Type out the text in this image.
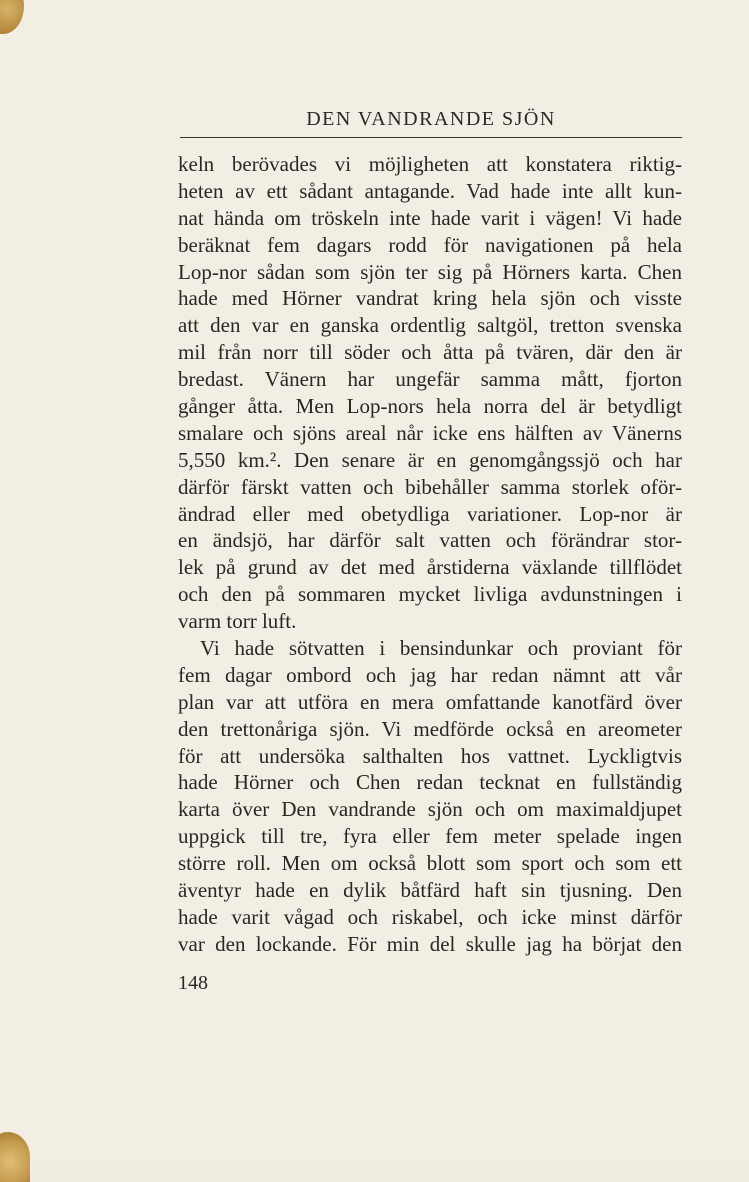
DEN VANDRANDE SJÖN
keln berövades vi möjligheten att konstatera riktig-
heten av ett sådant antagande. Vad hade inte allt kun-
nat hända om tröskeln inte hade varit i vägen! Vi hade
beräknat fem dagars rodd för navigationen på hela
Lop-nor sådan som sjön ter sig på Hörners karta. Chen
hade med Hörner vandrat kring hela sjön och visste
att den var en ganska ordentlig saltgöl, tretton svenska
mil från norr till söder och åtta på tvären, där den är
bredast. Vänern har ungefär samma mått, fjorton
gånger åtta. Men Lop-nors hela norra del är betydligt
smalare och sjöns areal når icke ens hälften av Vänerns
5,550 km.². Den senare är en genomgångssjö och har
därför färskt vatten och bibehåller samma storlek oför-
ändrad eller med obetydliga variationer. Lop-nor är
en ändsjö, har därför salt vatten och förändrar stor-
lek på grund av det med årstiderna växlande tillflödet
och den på sommaren mycket livliga avdunstningen i
varm torr luft.
Vi hade sötvatten i bensindunkar och proviant för
fem dagar ombord och jag har redan nämnt att vår
plan var att utföra en mera omfattande kanotfärd över
den trettonåriga sjön. Vi medförde också en areometer
för att undersöka salthalten hos vattnet. Lyckligtvis
hade Hörner och Chen redan tecknat en fullständig
karta över Den vandrande sjön och om maximaldjupet
uppgick till tre, fyra eller fem meter spelade ingen
större roll. Men om också blott som sport och som ett
äventyr hade en dylik båtfärd haft sin tjusning. Den
hade varit vågad och riskabel, och icke minst därför
var den lockande. För min del skulle jag ha börjat den
148
